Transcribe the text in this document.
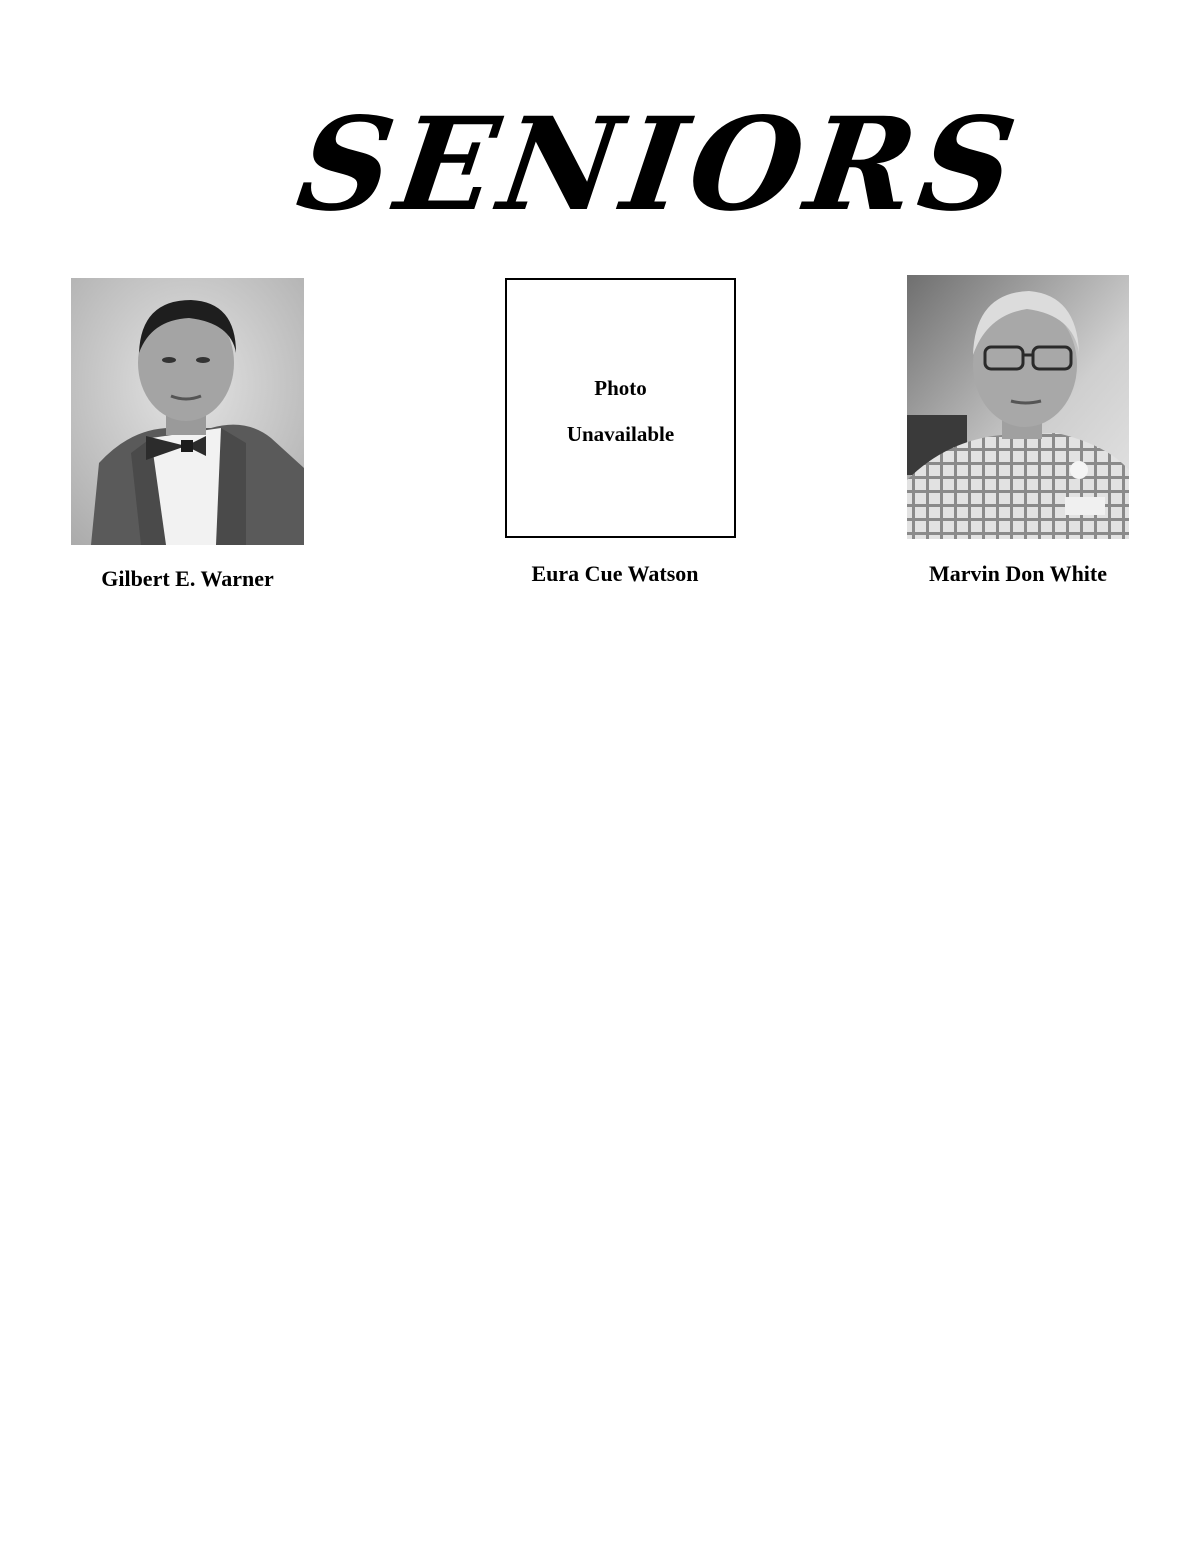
SENIORS
Gilbert E. Warner
Photo
Unavailable
Eura Cue Watson	Marvin Don White
